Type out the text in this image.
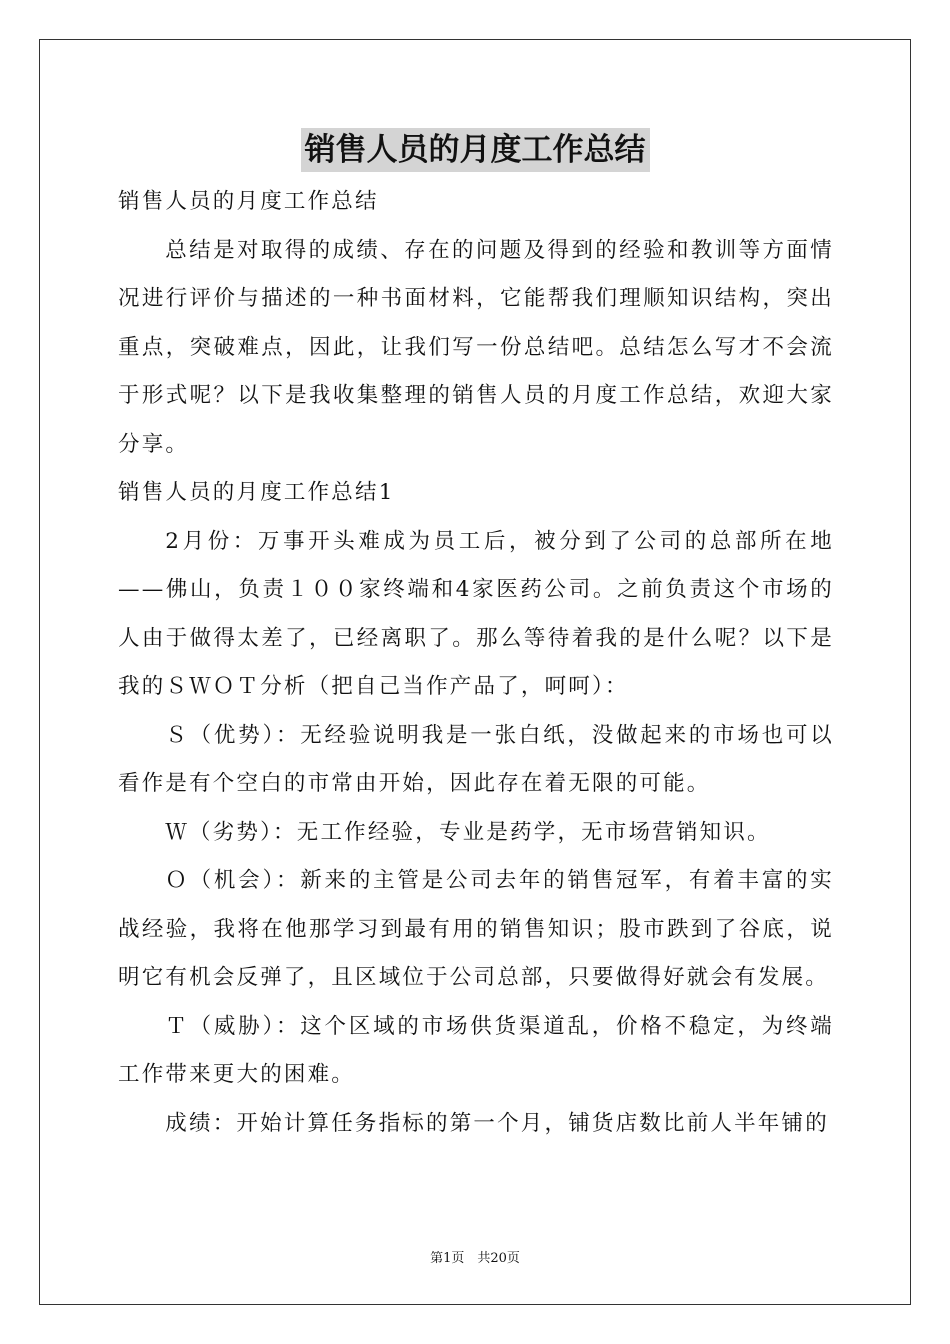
销售人员的月度工作总结

销售人员的月度工作总结

总结是对取得的成绩、存在的问题及得到的经验和教训等方面情况进行评价与描述的一种书面材料，它能帮我们理顺知识结构，突出重点，突破难点，因此，让我们写一份总结吧。总结怎么写才不会流于形式呢？以下是我收集整理的销售人员的月度工作总结，欢迎大家分享。

销售人员的月度工作总结1

2月份：万事开头难成为员工后，被分到了公司的总部所在地——佛山，负责１００家终端和4家医药公司。之前负责这个市场的人由于做得太差了，已经离职了。那么等待着我的是什么呢？以下是我的ＳＷＯＴ分析（把自己当作产品了，呵呵）：

Ｓ（优势）：无经验说明我是一张白纸，没做起来的市场也可以看作是有个空白的市常由开始，因此存在着无限的可能。

Ｗ（劣势）：无工作经验，专业是药学，无市场营销知识。

Ｏ（机会）：新来的主管是公司去年的销售冠军，有着丰富的实战经验，我将在他那学习到最有用的销售知识；股市跌到了谷底，说明它有机会反弹了，且区域位于公司总部，只要做得好就会有发展。

Ｔ（威胁）：这个区域的市场供货渠道乱，价格不稳定，为终端工作带来更大的困难。

成绩：开始计算任务指标的第一个月，铺货店数比前人半年铺的

第1页　共20页
